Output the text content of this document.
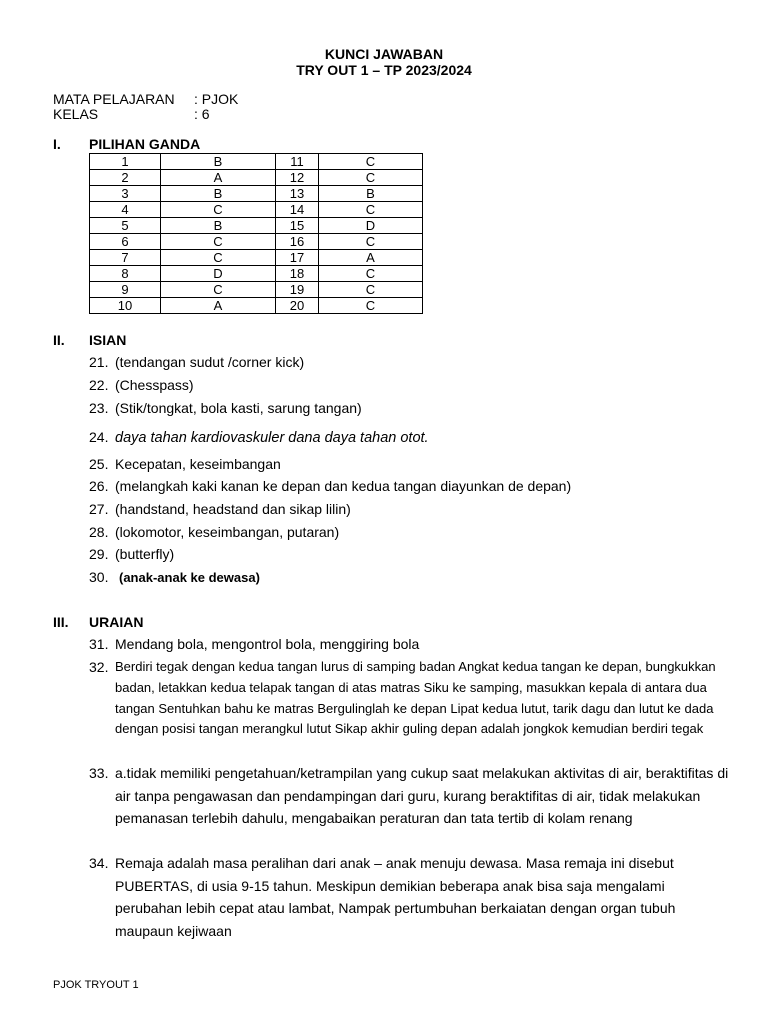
KUNCI JAWABAN
TRY OUT 1 – TP 2023/2024
MATA PELAJARAN : PJOK
KELAS	: 6
I. PILIHAN GANDA
1	B	11	C
2	A	12	C
3	B	13	B
4	C	14	C
5	B	15	D
6	C	16	C
7	C	17	A
8	D	18	C
9	C	19	C
10	A	20	C
II. ISIAN
21. (tendangan sudut /corner kick)
22. (Chesspass)
23. (Stik/tongkat, bola kasti, sarung tangan)
24. daya tahan kardiovaskuler dana daya tahan otot.
25. Kecepatan, keseimbangan
26. (melangkah kaki kanan ke depan dan kedua tangan diayunkan de depan)
27. (handstand, headstand dan sikap lilin)
28. (lokomotor, keseimbangan, putaran)
29. (butterfly)
30. (anak-anak ke dewasa)
III. URAIAN
31. Mendang bola, mengontrol bola, menggiring bola
32. Berdiri tegak dengan kedua tangan lurus di samping badan Angkat kedua tangan ke depan, bungkukkan badan, letakkan kedua telapak tangan di atas matras Siku ke samping, masukkan kepala di antara dua tangan Sentuhkan bahu ke matras Bergulinglah ke depan Lipat kedua lutut, tarik dagu dan lutut ke dada dengan posisi tangan merangkul lutut Sikap akhir guling depan adalah jongkok kemudian berdiri tegak
33. a.tidak memiliki pengetahuan/ketrampilan yang cukup saat melakukan aktivitas di air, beraktifitas di air tanpa pengawasan dan pendampingan dari guru, kurang beraktifitas di air, tidak melakukan pemanasan terlebih dahulu, mengabaikan peraturan dan tata tertib di kolam renang
34. Remaja adalah masa peralihan dari anak – anak menuju dewasa. Masa remaja ini disebut PUBERTAS, di usia 9-15 tahun. Meskipun demikian beberapa anak bisa saja mengalami perubahan lebih cepat atau lambat, Nampak pertumbuhan berkaiatan dengan organ tubuh maupaun kejiwaan
PJOK TRYOUT 1
